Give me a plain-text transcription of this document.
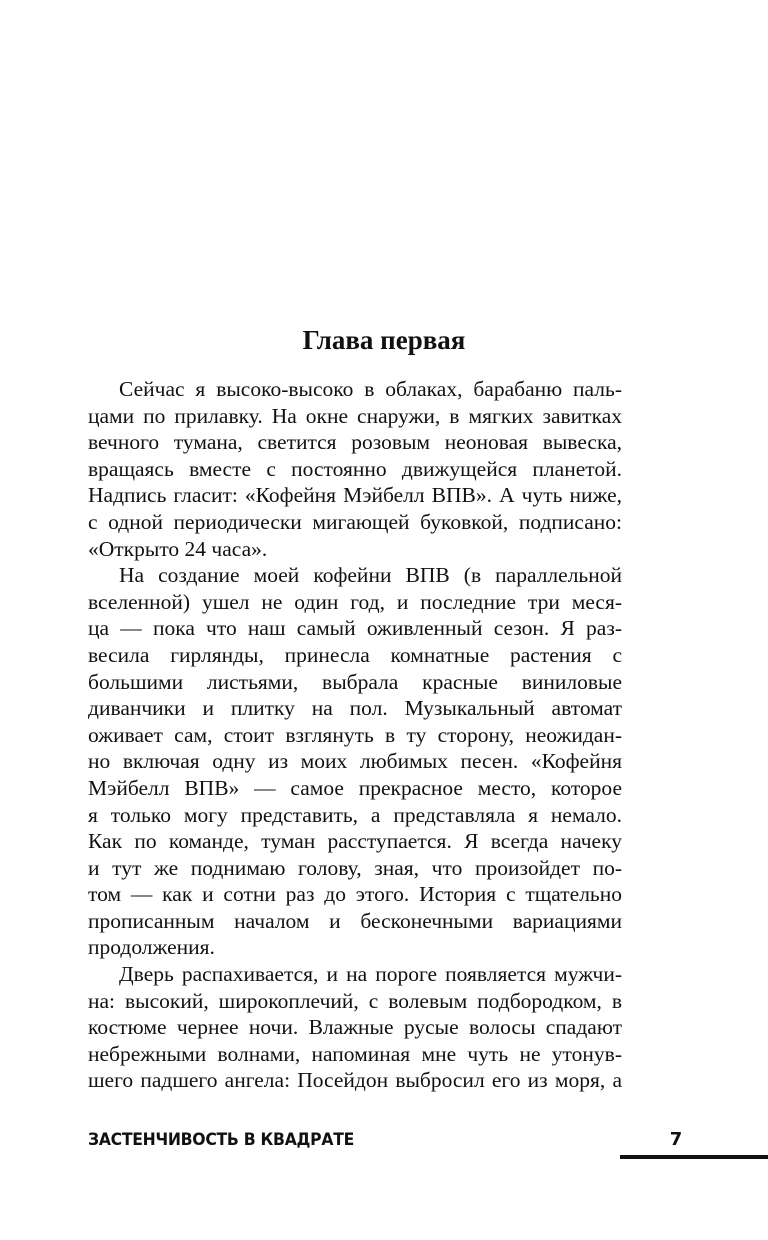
Глава первая

Сейчас я высоко-высоко в облаках, барабаню паль-
цами по прилавку. На окне снаружи, в мягких завитках
вечного тумана, светится розовым неоновая вывеска,
вращаясь вместе с постоянно движущейся планетой.
Надпись гласит: «Кофейня Мэйбелл ВПВ». А чуть ниже,
с одной периодически мигающей буковкой, подписано:
«Открыто 24 часа».

На создание моей кофейни ВПВ (в параллельной
вселенной) ушел не один год, и последние три меся-
ца — пока что наш самый оживленный сезон. Я раз-
весила гирлянды, принесла комнатные растения с
большими листьями, выбрала красные виниловые
диванчики и плитку на пол. Музыкальный автомат
оживает сам, стоит взглянуть в ту сторону, неожидан-
но включая одну из моих любимых песен. «Кофейня
Мэйбелл ВПВ» — самое прекрасное место, которое
я только могу представить, а представляла я немало.
Как по команде, туман расступается. Я всегда начеку
и тут же поднимаю голову, зная, что произойдет по-
том — как и сотни раз до этого. История с тщательно
прописанным началом и бесконечными вариациями
продолжения.

Дверь распахивается, и на пороге появляется мужчи-
на: высокий, широкоплечий, с волевым подбородком, в
костюме чернее ночи. Влажные русые волосы спадают
небрежными волнами, напоминая мне чуть не утонув-
шего падшего ангела: Посейдон выбросил его из моря, а

ЗАСТЕНЧИВОСТЬ В КВАДРАТЕ	7
